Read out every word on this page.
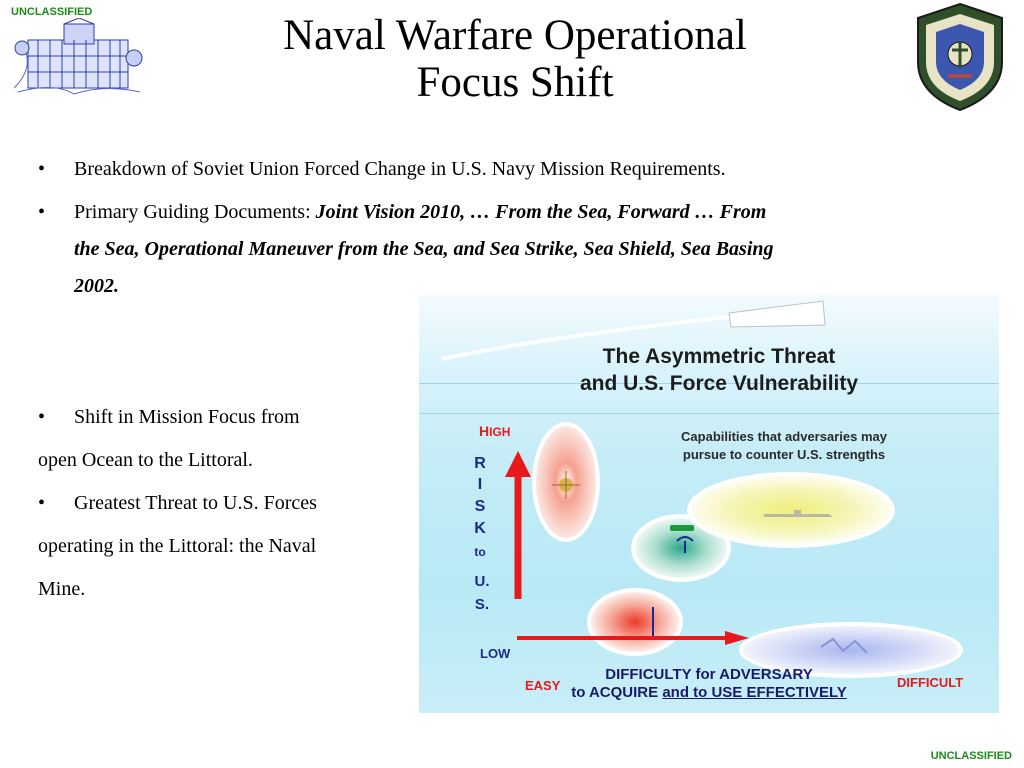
UNCLASSIFIED	Naval Warfare Operational
Focus Shift
• Breakdown of Soviet Union Forced Change in U.S. Navy Mission Requirements.
• Primary Guiding Documents: Joint Vision 2010, … From the Sea, Forward … From
the Sea, Operational Maneuver from the Sea, and Sea Strike, Sea Shield, Sea Basing
2002.
• Shift in Mission Focus from
open Ocean to the Littoral.
• Greatest Threat to U.S. Forces
operating in the Littoral: the Naval
Mine.
The Asymmetric Threat
and U.S. Force Vulnerability
Capabilities that adversaries may
pursue to counter U.S. strengths
HIGH
R
I
S
K
to
U.
S.
LOW
EASY	DIFFICULT
DIFFICULTY for ADVERSARY
to ACQUIRE and to USE EFFECTIVELY
UNCLASSIFIED
